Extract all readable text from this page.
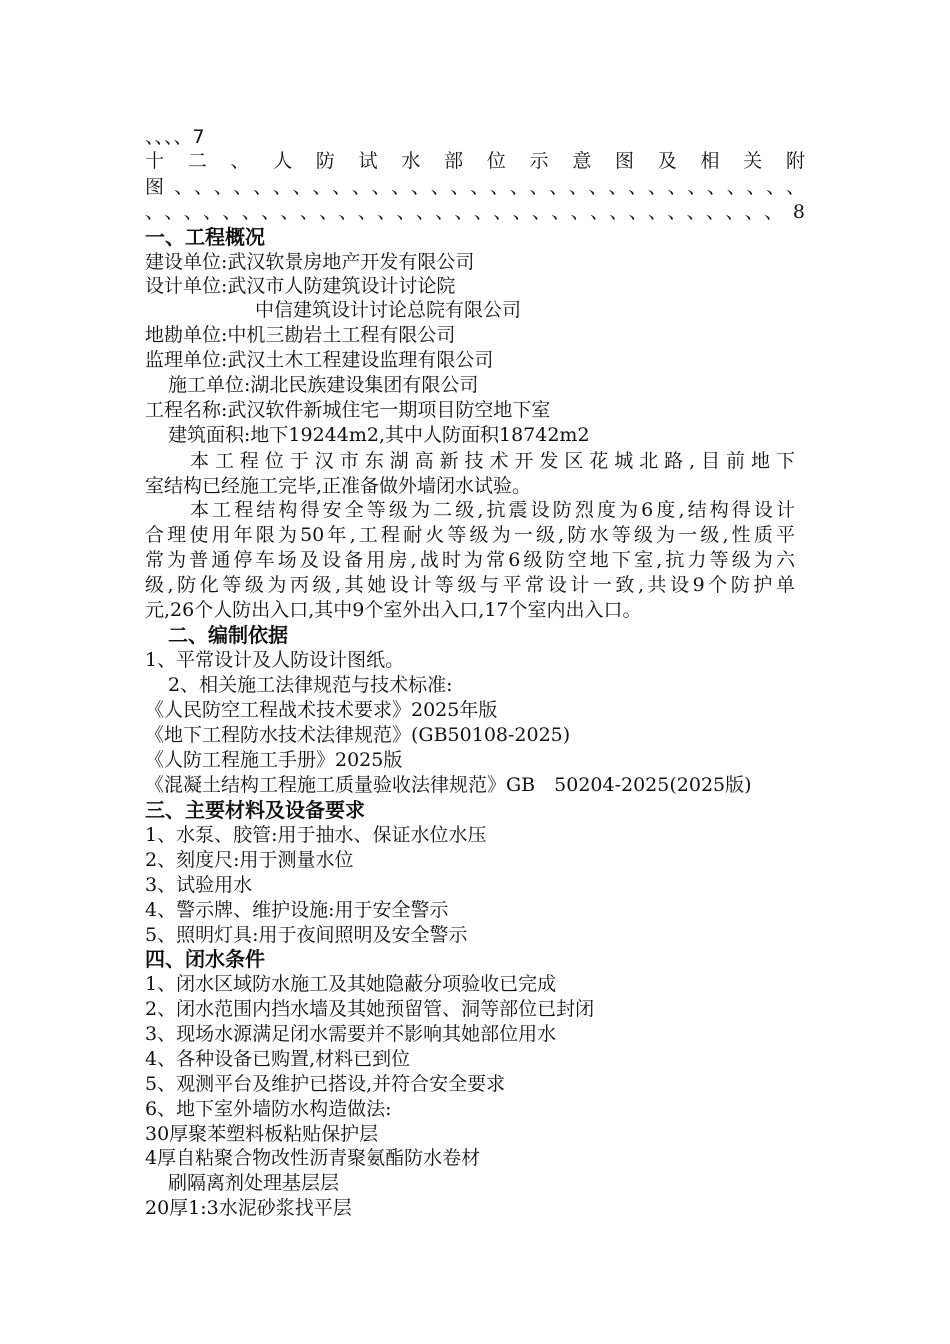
、、、、7
十二、人防试水部位示意图及相关附
图、、、、、、、、、、、、、、、、、、、、、、、、、、、、、、、、
、、、、、、、、、、、、、、、、、、、、、、、、、、、、、、、、、8
一、工程概况
建设单位:武汉软景房地产开发有限公司
设计单位:武汉市人防建筑设计讨论院
中信建筑设计讨论总院有限公司
地勘单位:中机三勘岩土工程有限公司
监理单位:武汉土木工程建设监理有限公司
施工单位:湖北民族建设集团有限公司
工程名称:武汉软件新城住宅一期项目防空地下室
建筑面积:地下19244m2,其中人防面积18742m2
本工程位于汉市东湖高新技术开发区花城北路,目前地下
室结构已经施工完毕,正准备做外墙闭水试验。
本工程结构得安全等级为二级,抗震设防烈度为6度,结构得设计
合理使用年限为50年,工程耐火等级为一级,防水等级为一级,性质平
常为普通停车场及设备用房,战时为常6级防空地下室,抗力等级为六
级,防化等级为丙级,其她设计等级与平常设计一致,共设9个防护单
元,26个人防出入口,其中9个室外出入口,17个室内出入口。
二、编制依据
1、平常设计及人防设计图纸。
2、相关施工法律规范与技术标准:
《人民防空工程战术技术要求》2025年版
《地下工程防水技术法律规范》(GB50108-2025)
《人防工程施工手册》2025版
《混凝土结构工程施工质量验收法律规范》GB　50204-2025(2025版)
三、主要材料及设备要求
1、水泵、胶管:用于抽水、保证水位水压
2、刻度尺:用于测量水位
3、试验用水
4、警示牌、维护设施:用于安全警示
5、照明灯具:用于夜间照明及安全警示
四、闭水条件
1、闭水区域防水施工及其她隐蔽分项验收已完成
2、闭水范围内挡水墙及其她预留管、洞等部位已封闭
3、现场水源满足闭水需要并不影响其她部位用水
4、各种设备已购置,材料已到位
5、观测平台及维护已搭设,并符合安全要求
6、地下室外墙防水构造做法:
30厚聚苯塑料板粘贴保护层
4厚自粘聚合物改性沥青聚氨酯防水卷材
刷隔离剂处理基层层
20厚1:3水泥砂浆找平层
